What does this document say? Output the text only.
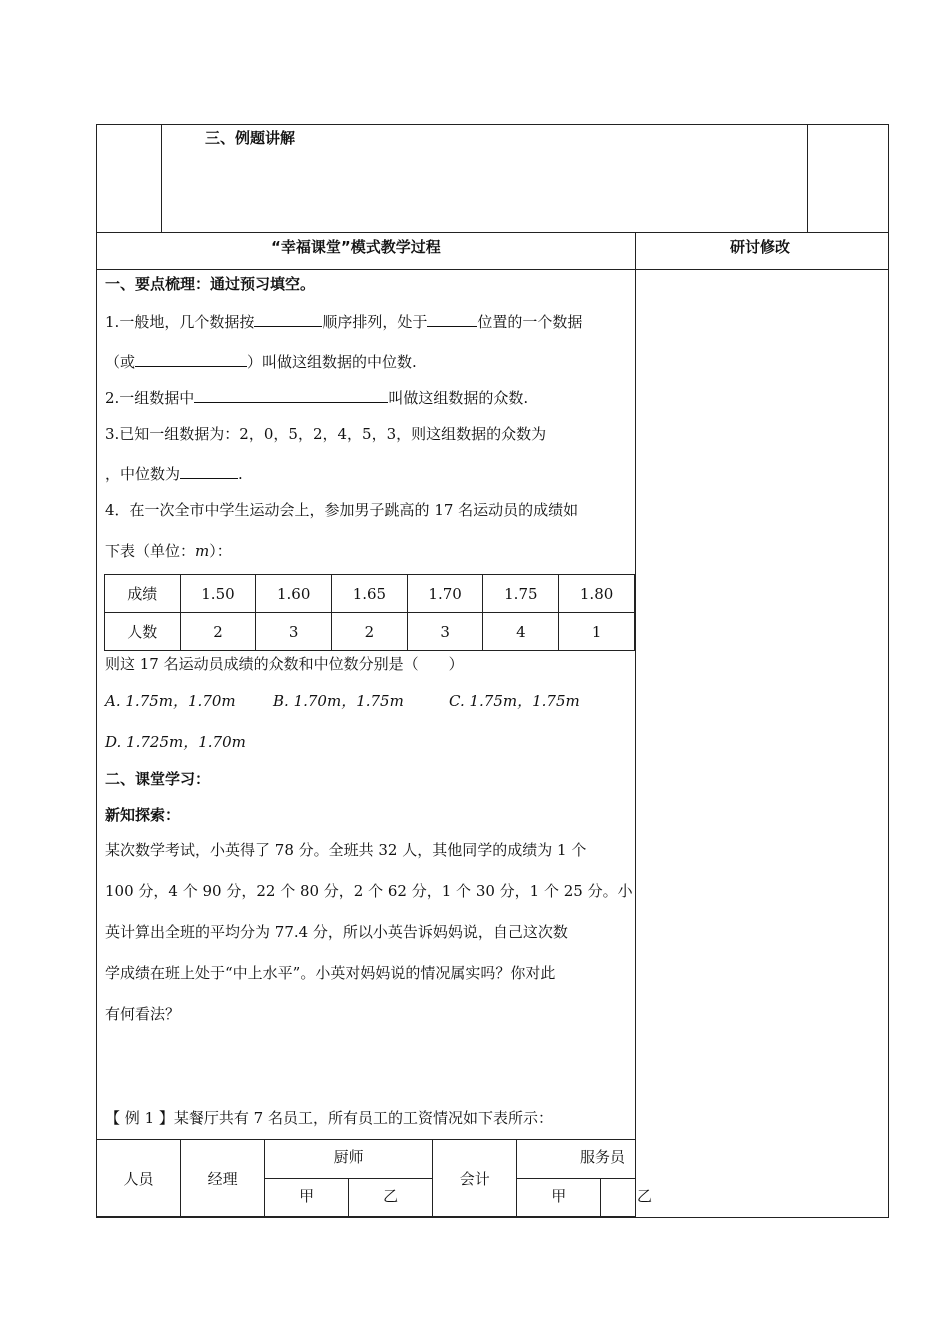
三、例题讲解
“幸福课堂”模式教学过程	研讨修改
一、要点梳理：通过预习填空。
1.一般地，几个数据按	顺序排列，处于	位置的一个数据
（或	）叫做这组数据的中位数.
2.一组数据中	叫做这组数据的众数.
3.已知一组数据为：2，0，5，2，4，5，3，则这组数据的众数为
，中位数为	.
4．在一次全市中学生运动会上，参加男子跳高的 17 名运动员的成绩如
下表（单位：m）：
成绩	1.50	1.60	1.65	1.70	1.75	1.80
人数	2	3	2	3	4	1
则这 17 名运动员成绩的众数和中位数分别是（　　）
A. 1.75m，1.70m B. 1.70m，1.75m	C. 1.75m，1.75m
D. 1.725m，1.70m
二、课堂学习：
新知探索：
某次数学考试，小英得了 78 分。全班共 32 人，其他同学的成绩为 1 个
100 分，4 个 90 分，22 个 80 分，2 个 62 分，1 个 30 分，1 个 25 分。小
英计算出全班的平均分为 77.4 分，所以小英告诉妈妈说，自己这次数
学成绩在班上处于“中上水平”。小英对妈妈说的情况属实吗？你对此
有何看法？
【 例 1 】某餐厅共有 7 名员工，所有员工的工资情况如下表所示：
人员	经理	厨师		会计	服务员	
		甲	乙		甲		乙
